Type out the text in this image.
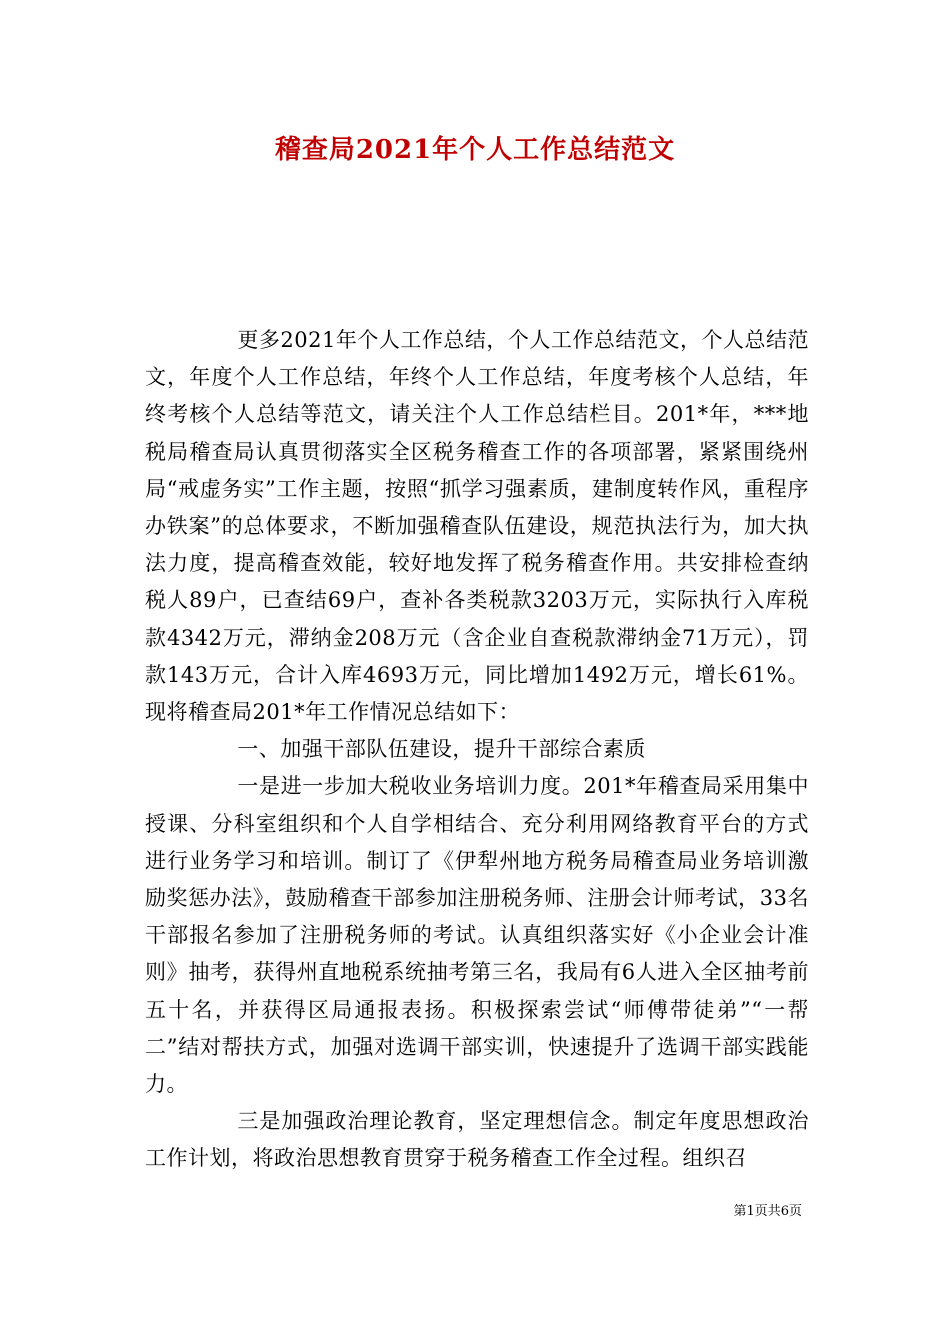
稽查局2021年个人工作总结范文

更多2021年个人工作总结，个人工作总结范文，个人总结范文，年度个人工作总结，年终个人工作总结，年度考核个人总结，年终考核个人总结等范文，请关注个人工作总结栏目。201*年，***地税局稽查局认真贯彻落实全区税务稽查工作的各项部署，紧紧围绕州局“戒虚务实”工作主题，按照“抓学习强素质，建制度转作风，重程序办铁案”的总体要求，不断加强稽查队伍建设，规范执法行为，加大执法力度，提高稽查效能，较好地发挥了税务稽查作用。共安排检查纳税人89户，已查结69户，查补各类税款3203万元，实际执行入库税款4342万元，滞纳金208万元（含企业自查税款滞纳金71万元），罚款143万元，合计入库4693万元，同比增加1492万元，增长61%。现将稽查局201*年工作情况总结如下：

一、加强干部队伍建设，提升干部综合素质

一是进一步加大税收业务培训力度。201*年稽查局采用集中授课、分科室组织和个人自学相结合、充分利用网络教育平台的方式进行业务学习和培训。制订了《伊犁州地方税务局稽查局业务培训激励奖惩办法》，鼓励稽查干部参加注册税务师、注册会计师考试，33名干部报名参加了注册税务师的考试。认真组织落实好《小企业会计准则》抽考，获得州直地税系统抽考第三名，我局有6人进入全区抽考前五十名，并获得区局通报表扬。积极探索尝试“师傅带徒弟”“一帮二”结对帮扶方式，加强对选调干部实训，快速提升了选调干部实践能力。

三是加强政治理论教育，坚定理想信念。制定年度思想政治工作计划，将政治思想教育贯穿于税务稽查工作全过程。组织召

第1页共6页
